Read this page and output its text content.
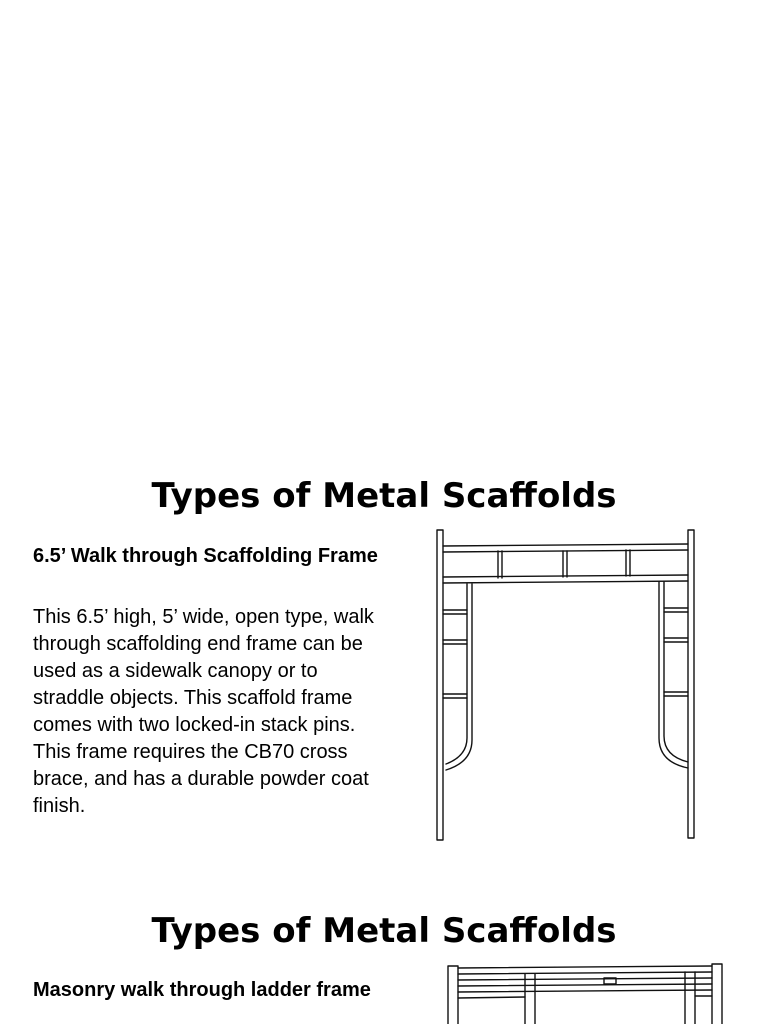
Types of Metal Scaffolds
6.5’ Walk through Scaffolding Frame

This 6.5’ high, 5’ wide, open type, walk through scaffolding end frame can be used as a sidewalk canopy or to straddle objects. This scaffold frame comes with two locked-in stack pins. This frame requires the CB70 cross brace, and has a durable powder coat finish.

Types of Metal Scaffolds
Masonry walk through ladder frame
